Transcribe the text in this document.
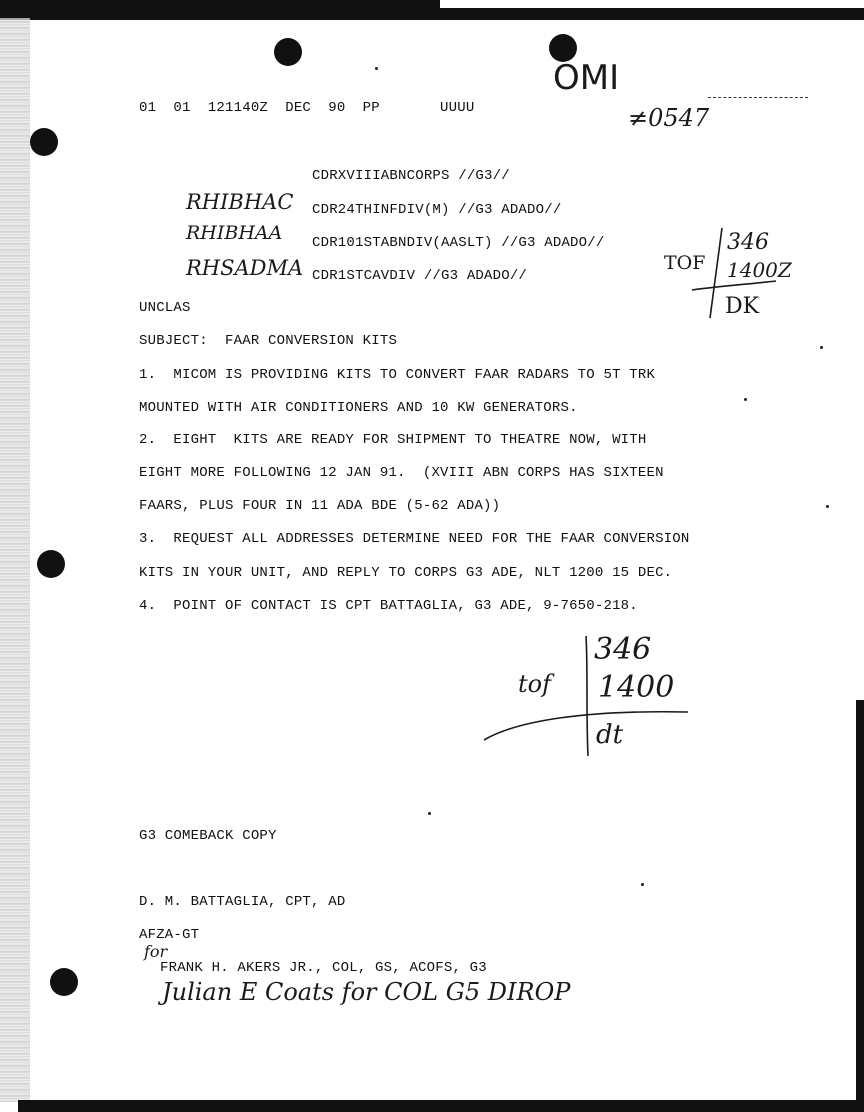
01  01  121140Z  DEC  90  PP       UUUU
OMI
≠0547
CDRXVIIIABNCORPS //G3//
RHIBHAC CDR24THINFDIV(M) //G3 ADADO//
RHIBHAA CDR101STABNDIV(AASLT) //G3 ADADO//
RHSADMA CDR1STCAVDIV //G3 ADADO//
TOF
346
1400Z
DK
UNCLAS
SUBJECT:  FAAR CONVERSION KITS
1.  MICOM IS PROVIDING KITS TO CONVERT FAAR RADARS TO 5T TRK
MOUNTED WITH AIR CONDITIONERS AND 10 KW GENERATORS.
2.  EIGHT  KITS ARE READY FOR SHIPMENT TO THEATRE NOW, WITH
EIGHT MORE FOLLOWING 12 JAN 91.  (XVIII ABN CORPS HAS SIXTEEN
FAARS, PLUS FOUR IN 11 ADA BDE (5-62 ADA))
3.  REQUEST ALL ADDRESSES DETERMINE NEED FOR THE FAAR CONVERSION
KITS IN YOUR UNIT, AND REPLY TO CORPS G3 ADE, NLT 1200 15 DEC.
4.  POINT OF CONTACT IS CPT BATTAGLIA, G3 ADE, 9-7650-218.
tof
346
1400
dt
G3 COMEBACK COPY
D. M. BATTAGLIA, CPT, AD
AFZA-GT
for
FRANK H. AKERS JR., COL, GS, ACOFS, G3
Julian E Coats for COL G5 DIROP
